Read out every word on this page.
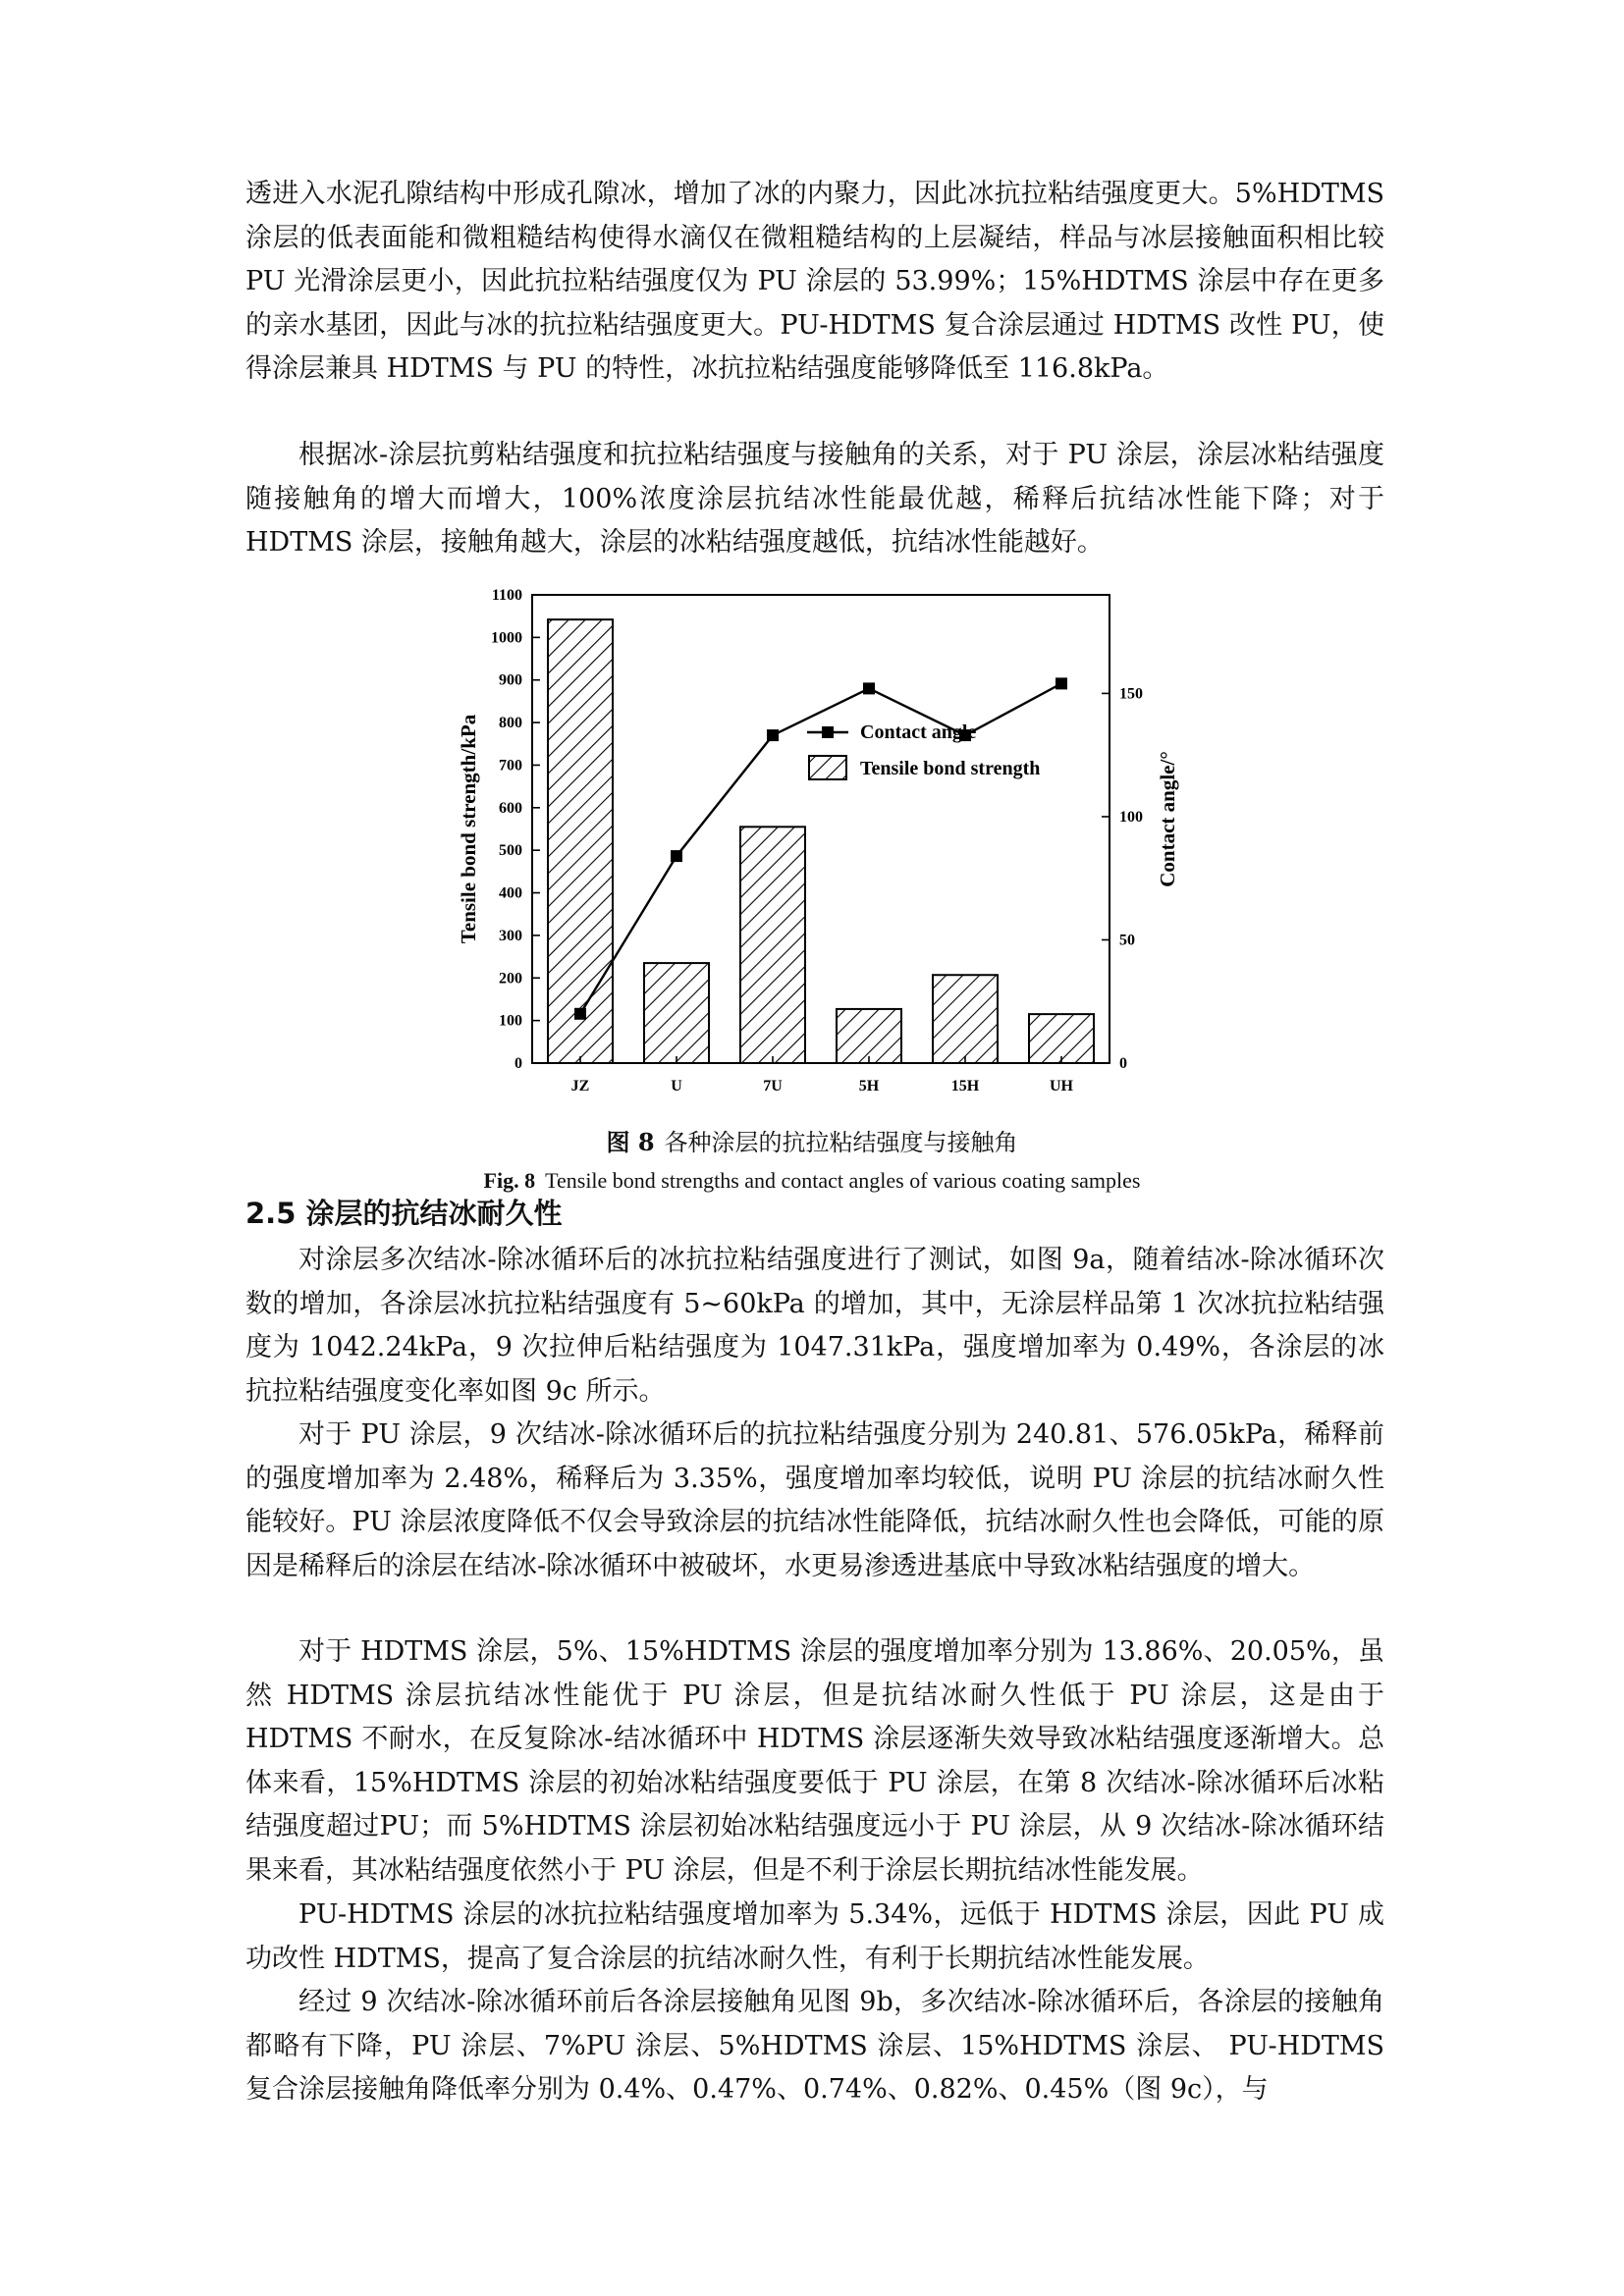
透进入水泥孔隙结构中形成孔隙冰，增加了冰的内聚力，因此冰抗拉粘结强度更大。5%HDTMS 涂层的低表面能和微粗糙结构使得水滴仅在微粗糙结构的上层凝结，样品与冰层接触面积相比较 PU 光滑涂层更小，因此抗拉粘结强度仅为 PU 涂层的 53.99%；15%HDTMS 涂层中存在更多的亲水基团，因此与冰的抗拉粘结强度更大。PU-HDTMS 复合涂层通过 HDTMS 改性 PU，使得涂层兼具 HDTMS 与 PU 的特性，冰抗拉粘结强度能够降低至 116.8kPa。

根据冰-涂层抗剪粘结强度和抗拉粘结强度与接触角的关系，对于 PU 涂层，涂层冰粘结强度随接触角的增大而增大，100%浓度涂层抗结冰性能最优越，稀释后抗结冰性能下降；对于 HDTMS 涂层，接触角越大，涂层的冰粘结强度越低，抗结冰性能越好。

0
100
200
300
400
500
600
700
800
900
1000
1100
0
50
100
150
Tensile bond strength/kPa	Contact angle/°
JZ	U	7U	5H	15H	UH
Contact angle
Tensile bond strength

图 8 各种涂层的抗拉粘结强度与接触角

Fig. 8 Tensile bond strengths and contact angles of various coating samples

2.5 涂层的抗结冰耐久性

对涂层多次结冰-除冰循环后的冰抗拉粘结强度进行了测试，如图 9a，随着结冰-除冰循环次数的增加，各涂层冰抗拉粘结强度有 5~60kPa 的增加，其中，无涂层样品第 1 次冰抗拉粘结强度为 1042.24kPa，9 次拉伸后粘结强度为 1047.31kPa，强度增加率为 0.49%，各涂层的冰抗拉粘结强度变化率如图 9c 所示。

对于 PU 涂层，9 次结冰-除冰循环后的抗拉粘结强度分别为 240.81、576.05kPa，稀释前的强度增加率为 2.48%，稀释后为 3.35%，强度增加率均较低，说明 PU 涂层的抗结冰耐久性能较好。PU 涂层浓度降低不仅会导致涂层的抗结冰性能降低，抗结冰耐久性也会降低，可能的原因是稀释后的涂层在结冰-除冰循环中被破坏，水更易渗透进基底中导致冰粘结强度的增大。

对于 HDTMS 涂层，5%、15%HDTMS 涂层的强度增加率分别为 13.86%、20.05%，虽然 HDTMS 涂层抗结冰性能优于 PU 涂层，但是抗结冰耐久性低于 PU 涂层，这是由于 HDTMS 不耐水，在反复除冰-结冰循环中 HDTMS 涂层逐渐失效导致冰粘结强度逐渐增大。总体来看，15%HDTMS 涂层的初始冰粘结强度要低于 PU 涂层，在第 8 次结冰-除冰循环后冰粘结强度超过PU；而 5%HDTMS 涂层初始冰粘结强度远小于 PU 涂层，从 9 次结冰-除冰循环结果来看，其冰粘结强度依然小于 PU 涂层，但是不利于涂层长期抗结冰性能发展。

PU-HDTMS 涂层的冰抗拉粘结强度增加率为 5.34%，远低于 HDTMS 涂层，因此 PU 成功改性 HDTMS，提高了复合涂层的抗结冰耐久性，有利于长期抗结冰性能发展。

经过 9 次结冰-除冰循环前后各涂层接触角见图 9b，多次结冰-除冰循环后，各涂层的接触角都略有下降，PU 涂层、7%PU 涂层、5%HDTMS 涂层、15%HDTMS 涂层、 PU-HDTMS 复合涂层接触角降低率分别为 0.4%、0.47%、0.74%、0.82%、0.45%（图 9c），与
